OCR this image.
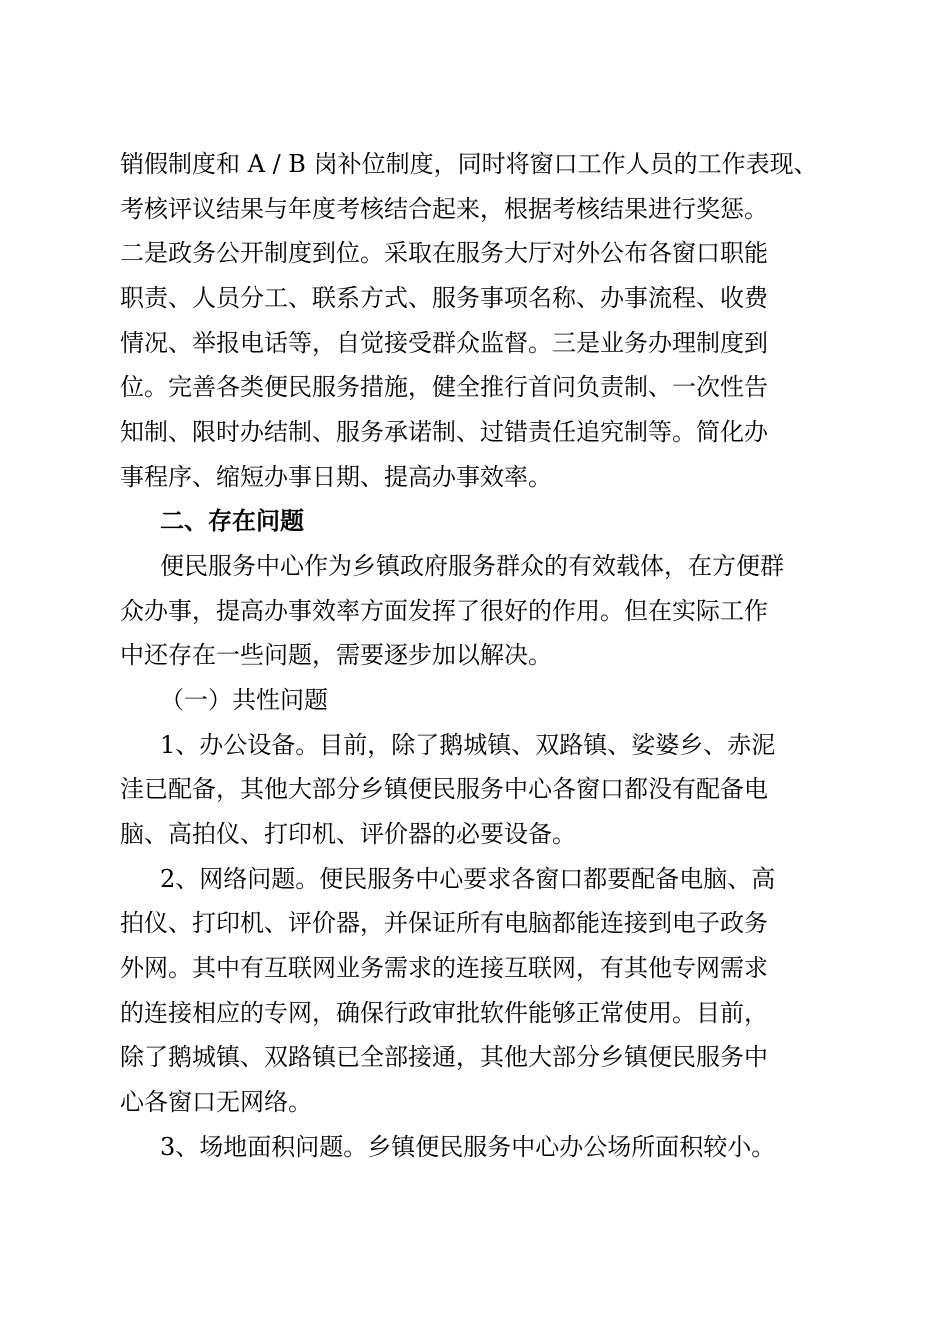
销假制度和 A / B 岗补位制度，同时将窗口工作人员的工作表现、

考核评议结果与年度考核结合起来，根据考核结果进行奖惩。

二是政务公开制度到位。采取在服务大厅对外公布各窗口职能

职责、人员分工、联系方式、服务事项名称、办事流程、收费

情况、举报电话等，自觉接受群众监督。三是业务办理制度到

位。完善各类便民服务措施，健全推行首问负责制、一次性告

知制、限时办结制、服务承诺制、过错责任追究制等。简化办

事程序、缩短办事日期、提高办事效率。

二、存在问题

便民服务中心作为乡镇政府服务群众的有效载体，在方便群

众办事，提高办事效率方面发挥了很好的作用。但在实际工作

中还存在一些问题，需要逐步加以解决。

（一）共性问题

1、办公设备。目前，除了鹅城镇、双路镇、娑婆乡、赤泥

洼已配备，其他大部分乡镇便民服务中心各窗口都没有配备电

脑、高拍仪、打印机、评价器的必要设备。

2、网络问题。便民服务中心要求各窗口都要配备电脑、高

拍仪、打印机、评价器，并保证所有电脑都能连接到电子政务

外网。其中有互联网业务需求的连接互联网，有其他专网需求

的连接相应的专网，确保行政审批软件能够正常使用。目前，

除了鹅城镇、双路镇已全部接通，其他大部分乡镇便民服务中

心各窗口无网络。

3、场地面积问题。乡镇便民服务中心办公场所面积较小。
